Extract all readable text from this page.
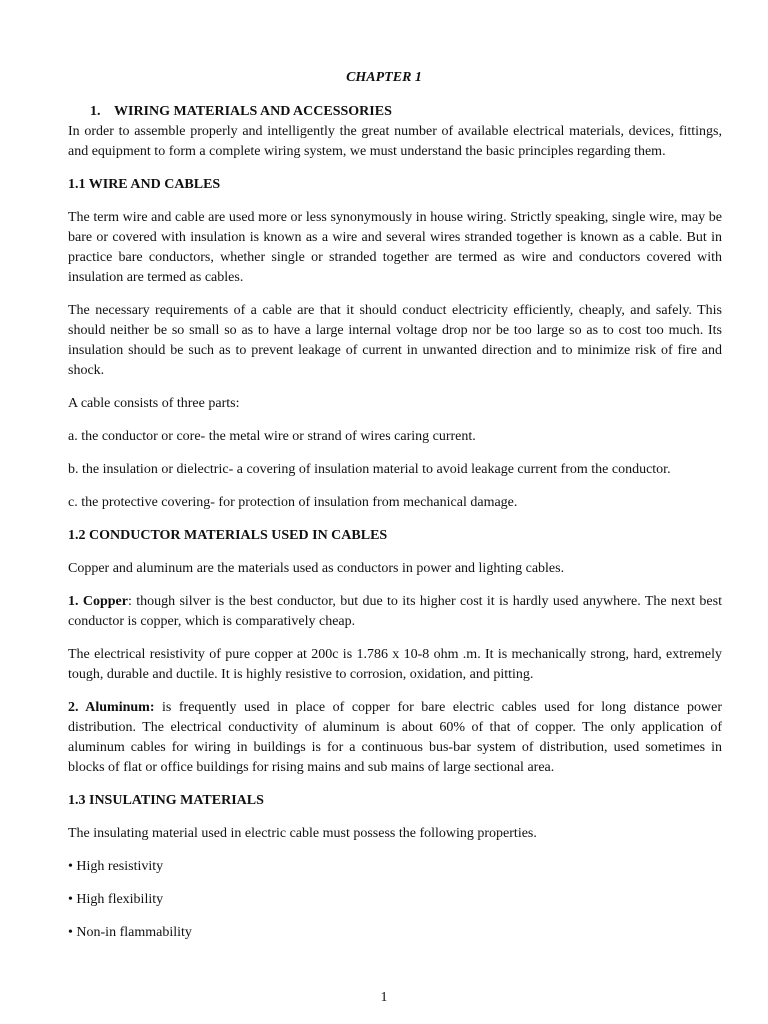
CHAPTER 1
1. WIRING MATERIALS AND ACCESSORIES

In order to assemble properly and intelligently the great number of available electrical materials, devices, fittings, and equipment to form a complete wiring system, we must understand the basic principles regarding them.

1.1 WIRE AND CABLES

The term wire and cable are used more or less synonymously in house wiring. Strictly speaking, single wire, may be bare or covered with insulation is known as a wire and several wires stranded together is known as a cable. But in practice bare conductors, whether single or stranded together are termed as wire and conductors covered with insulation are termed as cables.

The necessary requirements of a cable are that it should conduct electricity efficiently, cheaply, and safely. This should neither be so small so as to have a large internal voltage drop nor be too large so as to cost too much. Its insulation should be such as to prevent leakage of current in unwanted direction and to minimize risk of fire and shock.

A cable consists of three parts:

a. the conductor or core- the metal wire or strand of wires caring current.

b. the insulation or dielectric- a covering of insulation material to avoid leakage current from the conductor.

c. the protective covering- for protection of insulation from mechanical damage.

1.2 CONDUCTOR MATERIALS USED IN CABLES

Copper and aluminum are the materials used as conductors in power and lighting cables.

1. Copper: though silver is the best conductor, but due to its higher cost it is hardly used anywhere. The next best conductor is copper, which is comparatively cheap.

The electrical resistivity of pure copper at 200c is 1.786 x 10-8 ohm .m. It is mechanically strong, hard, extremely tough, durable and ductile. It is highly resistive to corrosion, oxidation, and pitting.

2. Aluminum: is frequently used in place of copper for bare electric cables used for long distance power distribution. The electrical conductivity of aluminum is about 60% of that of copper. The only application of aluminum cables for wiring in buildings is for a continuous bus-bar system of distribution, used sometimes in blocks of flat or office buildings for rising mains and sub mains of large sectional area.

1.3 INSULATING MATERIALS

The insulating material used in electric cable must possess the following properties.

• High resistivity

• High flexibility

• Non-in flammability

1
